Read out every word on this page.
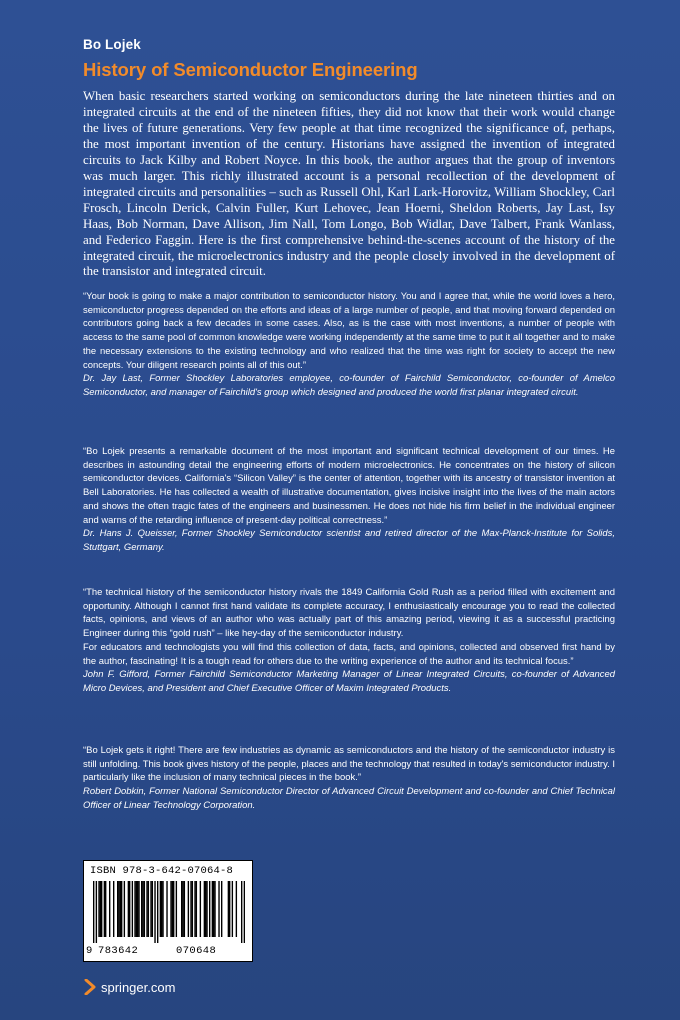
Bo Lojek
History of Semiconductor Engineering
When basic researchers started working on semiconductors during the late nineteen thirties and on integrated circuits at the end of the nineteen fifties, they did not know that their work would change the lives of future generations. Very few people at that time recognized the significance of, perhaps, the most important invention of the century. Historians have assigned the invention of integrated circuits to Jack Kilby and Robert Noyce. In this book, the author argues that the group of inventors was much larger. This richly illustrated account is a personal recollection of the development of integrated circuits and personalities – such as Russell Ohl, Karl Lark-Horovitz, William Shockley, Carl Frosch, Lincoln Derick, Calvin Fuller, Kurt Lehovec, Jean Hoerni, Sheldon Roberts, Jay Last, Isy Haas, Bob Norman, Dave Allison, Jim Nall, Tom Longo, Bob Widlar, Dave Talbert, Frank Wanlass, and Federico Faggin. Here is the first comprehensive behind-the-scenes account of the history of the integrated circuit, the microelectronics industry and the people closely involved in the development of the transistor and integrated circuit.

“Your book is going to make a major contribution to semiconductor history. You and I agree that, while the world loves a hero, semiconductor progress depended on the efforts and ideas of a large number of people, and that moving forward depended on contributors going back a few decades in some cases. Also, as is the case with most inventions, a number of people with access to the same pool of common knowledge were working independently at the same time to put it all together and to make the necessary extensions to the existing technology and who realized that the time was right for society to accept the new concepts. Your diligent research points all of this out.”

Dr. Jay Last, Former Shockley Laboratories employee, co-founder of Fairchild Semiconductor, co-founder of Amelco Semiconductor, and manager of Fairchild's group which designed and produced the world first planar integrated circuit.

“Bo Lojek presents a remarkable document of the most important and significant technical development of our times. He describes in astounding detail the engineering efforts of modern microelectronics. He concentrates on the history of silicon semiconductor devices. California's “Silicon Valley” is the center of attention, together with its ancestry of transistor invention at Bell Laboratories. He has collected a wealth of illustrative documentation, gives incisive insight into the lives of the main actors and shows the often tragic fates of the engineers and businessmen. He does not hide his firm belief in the individual engineer and warns of the retarding influence of present-day political correctness.”

Dr. Hans J. Queisser, Former Shockley Semiconductor scientist and retired director of the Max-Planck-Institute for Solids, Stuttgart, Germany.

“The technical history of the semiconductor history rivals the 1849 California Gold Rush as a period filled with excitement and opportunity. Although I cannot first hand validate its complete accuracy, I enthusiastically encourage you to read the collected facts, opinions, and views of an author who was actually part of this amazing period, viewing it as a successful practicing Engineer during this “gold rush” – like hey-day of the semiconductor industry.

For educators and technologists you will find this collection of data, facts, and opinions, collected and observed first hand by the author, fascinating! It is a tough read for others due to the writing experience of the author and its technical focus.”

John F. Gifford, Former Fairchild Semiconductor Marketing Manager of Linear Integrated Circuits, co-founder of Advanced Micro Devices, and President and Chief Executive Officer of Maxim Integrated Products.

“Bo Lojek gets it right! There are few industries as dynamic as semiconductors and the history of the semiconductor industry is still unfolding. This book gives history of the people, places and the technology that resulted in today's semiconductor industry. I particularly like the inclusion of many technical pieces in the book.”

Robert Dobkin, Former National Semiconductor Director of Advanced Circuit Development and co-founder and Chief Technical Officer of Linear Technology Corporation.

ISBN 978-3-642-07064-8
9 783642	070648
springer.com
